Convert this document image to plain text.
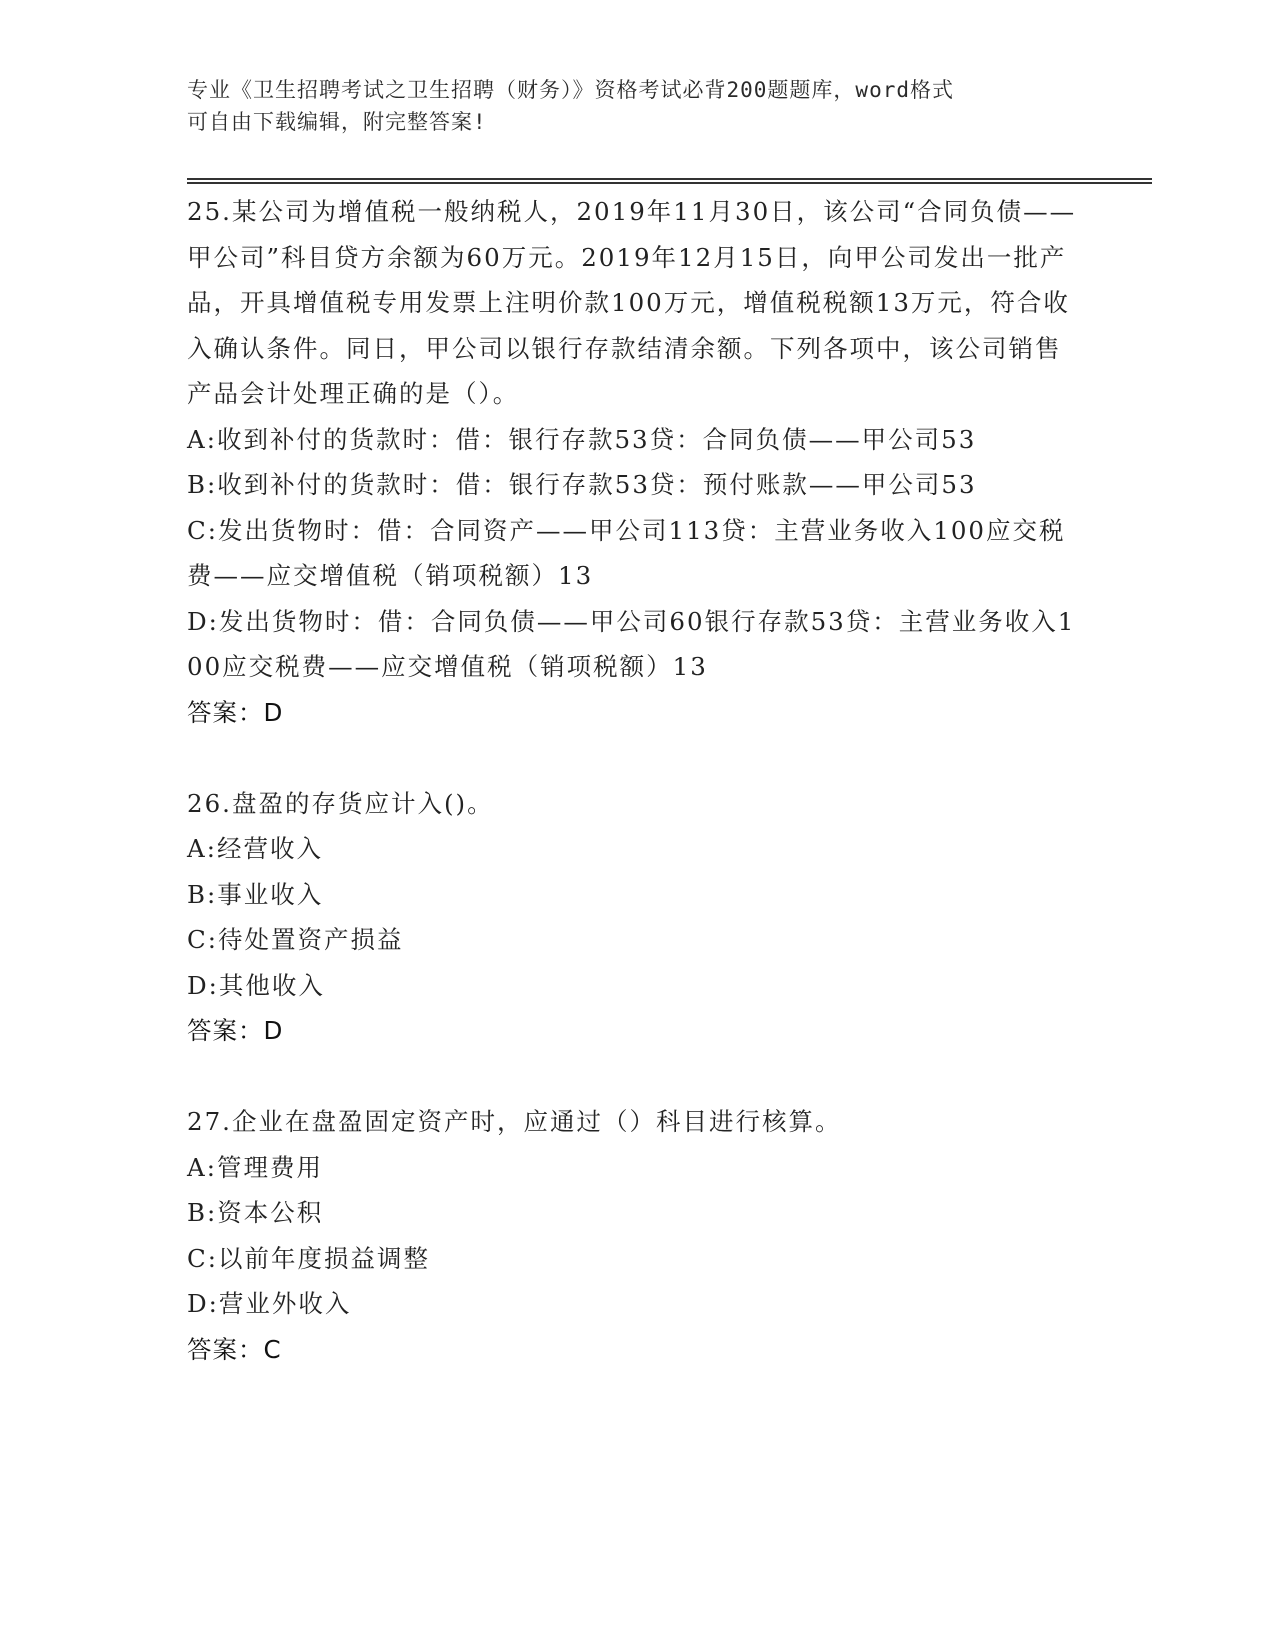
专业《卫生招聘考试之卫生招聘（财务）》资格考试必背200题题库，word格式
可自由下载编辑，附完整答案!

25.某公司为增值税一般纳税人，2019年11月30日，该公司“合同负债——甲公司”科目贷方余额为60万元。2019年12月15日，向甲公司发出一批产品，开具增值税专用发票上注明价款100万元，增值税税额13万元，符合收入确认条件。同日，甲公司以银行存款结清余额。下列各项中，该公司销售产品会计处理正确的是（）。

A:收到补付的货款时：借：银行存款53贷：合同负债——甲公司53

B:收到补付的货款时：借：银行存款53贷：预付账款——甲公司53

C:发出货物时：借：合同资产——甲公司113贷：主营业务收入100应交税费——应交增值税（销项税额）13

D:发出货物时：借：合同负债——甲公司60银行存款53贷：主营业务收入100应交税费——应交增值税（销项税额）13

答案：D

26.盘盈的存货应计入()。

A:经营收入

B:事业收入

C:待处置资产损益

D:其他收入

答案：D

27.企业在盘盈固定资产时，应通过（）科目进行核算。

A:管理费用

B:资本公积

C:以前年度损益调整

D:营业外收入

答案：C
